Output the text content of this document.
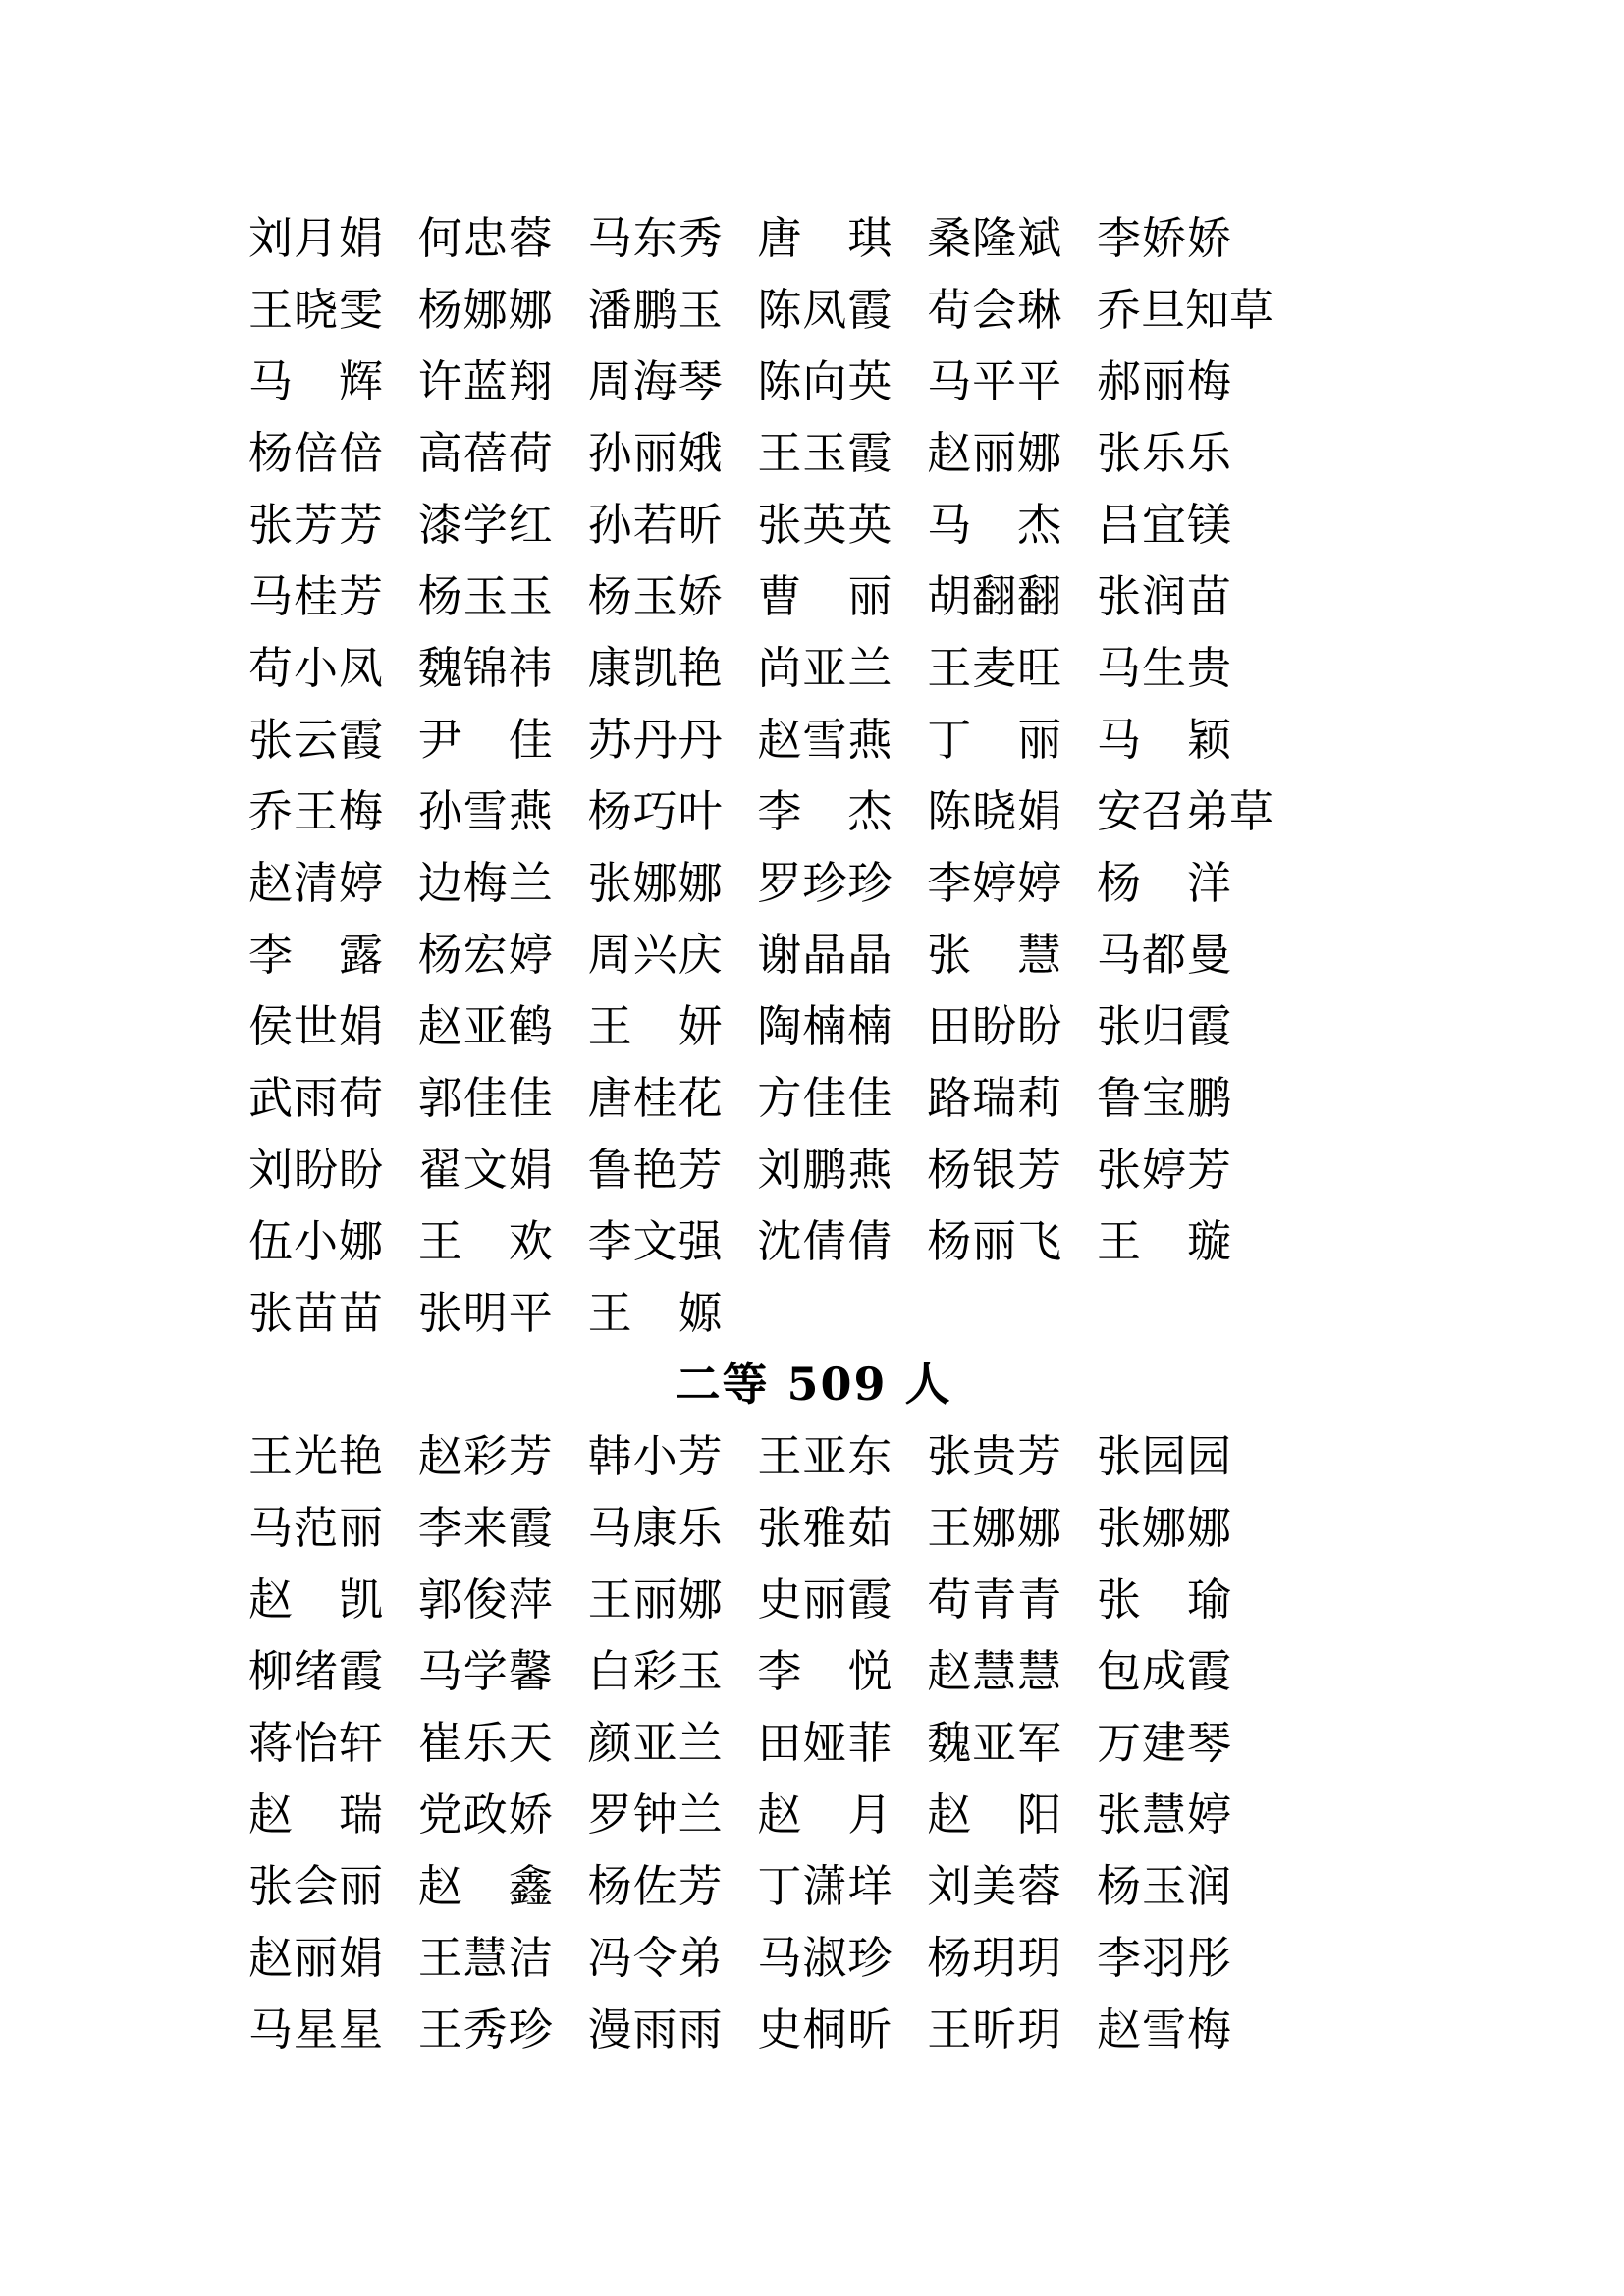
刘 月 娟 何 忠 蓉 马 东 秀 唐 琪 桑 隆 斌 李 娇 娇
王 晓 雯 杨 娜 娜 潘 鹏 玉 陈 凤 霞 苟 会 琳 乔 旦 知 草
马 辉 许 蓝 翔 周 海 琴 陈 向 英 马 平 平 郝 丽 梅
杨 倍 倍 高 蓓 荷 孙 丽 娥 王 玉 霞 赵 丽 娜 张 乐 乐
张 芳 芳 漆 学 红 孙 若 昕 张 英 英 马 杰 吕 宜 镁
马 桂 芳 杨 玉 玉 杨 玉 娇 曹 丽 胡 翻 翻 张 润 苗
苟 小 凤 魏 锦 祎 康 凯 艳 尚 亚 兰 王 麦 旺 马 生 贵
张 云 霞 尹 佳 苏 丹 丹 赵 雪 燕 丁 丽 马 颖
乔 王 梅 孙 雪 燕 杨 巧 叶 李 杰 陈 晓 娟 安 召 弟 草
赵 清 婷 边 梅 兰 张 娜 娜 罗 珍 珍 李 婷 婷 杨 洋
李 露 杨 宏 婷 周 兴 庆 谢 晶 晶 张 慧 马 都 曼
侯 世 娟 赵 亚 鹤 王 妍 陶 楠 楠 田 盼 盼 张 归 霞
武 雨 荷 郭 佳 佳 唐 桂 花 方 佳 佳 路 瑞 莉 鲁 宝 鹏
刘 盼 盼 翟 文 娟 鲁 艳 芳 刘 鹏 燕 杨 银 芳 张 婷 芳
伍 小 娜 王 欢 李 文 强 沈 倩 倩 杨 丽 飞 王 璇
张 苗 苗 张 明 平 王 嫄
二等 509 人
王 光 艳 赵 彩 芳 韩 小 芳 王 亚 东 张 贵 芳 张 园 园
马 范 丽 李 来 霞 马 康 乐 张 雅 茹 王 娜 娜 张 娜 娜
赵 凯 郭 俊 萍 王 丽 娜 史 丽 霞 苟 青 青 张 瑜
柳 绪 霞 马 学 馨 白 彩 玉 李 悦 赵 慧 慧 包 成 霞
蒋 怡 轩 崔 乐 天 颜 亚 兰 田 娅 菲 魏 亚 军 万 建 琴
赵 瑞 党 政 娇 罗 钟 兰 赵 月 赵 阳 张 慧 婷
张 会 丽 赵 鑫 杨 佐 芳 丁 潇 垟 刘 美 蓉 杨 玉 润
赵 丽 娟 王 慧 洁 冯 令 弟 马 淑 珍 杨 玥 玥 李 羽 彤
马 星 星 王 秀 珍 漫 雨 雨 史 桐 昕 王 昕 玥 赵 雪 梅
